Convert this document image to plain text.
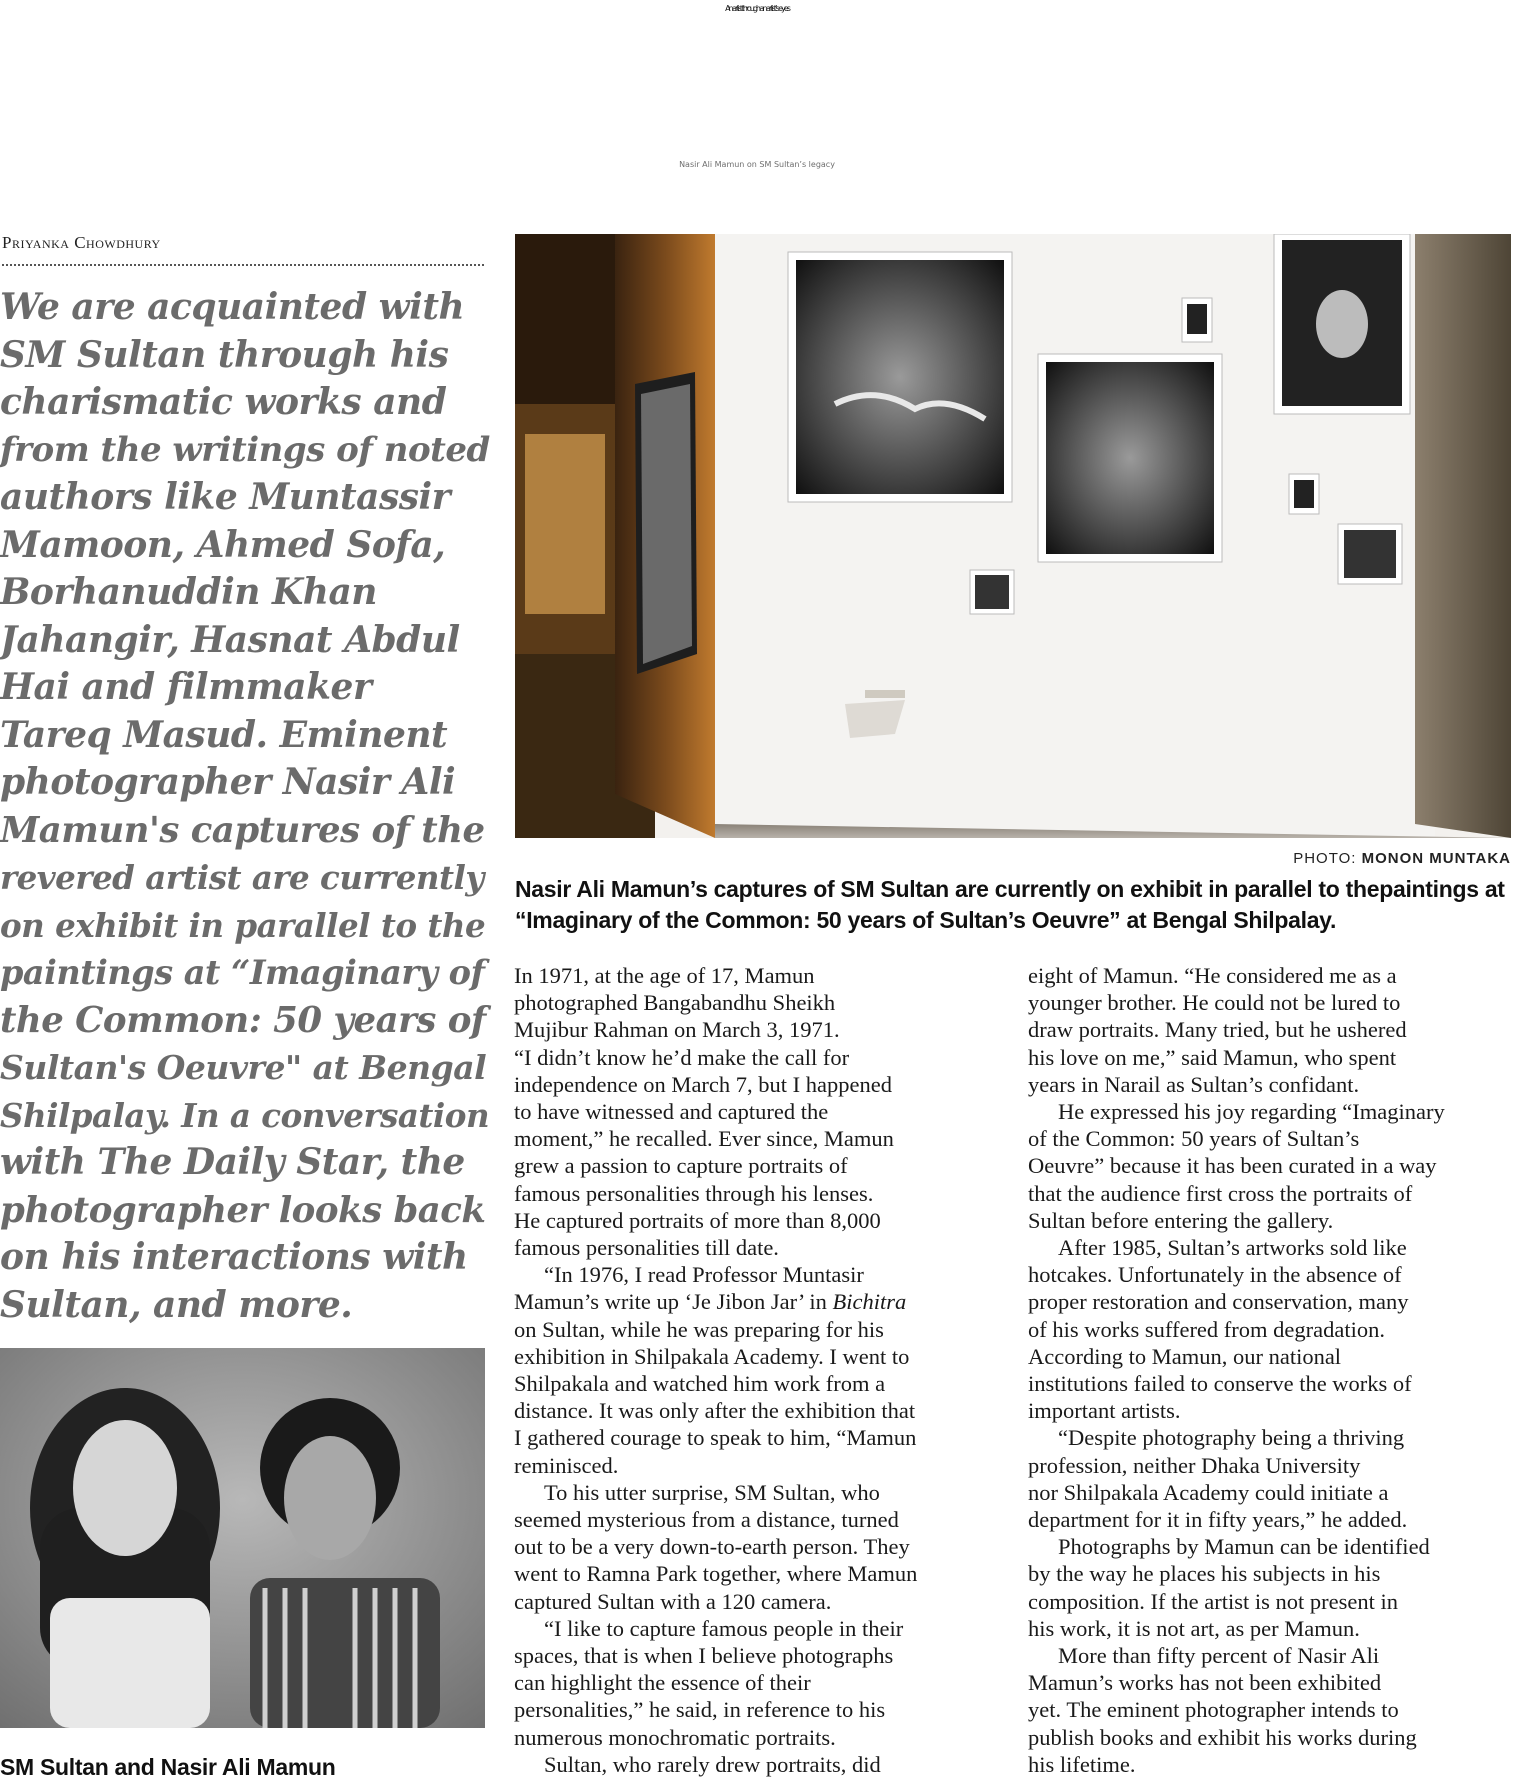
An artist through an artist’s eyes
Nasir Ali Mamun on SM Sultan’s legacy
Priyanka Chowdhury
We are acquainted with
SM Sultan through his
charismatic works and
from the writings of noted
authors like Muntassir
Mamoon, Ahmed Sofa,
Borhanuddin Khan
Jahangir, Hasnat Abdul
Hai and filmmaker
Tareq Masud. Eminent
photographer Nasir Ali
Mamun's captures of the
revered artist are currently
on exhibit in parallel to the
paintings at “Imaginary of
the Common: 50 years of
Sultan's Oeuvre" at Bengal
Shilpalay. In a conversation
with The Daily Star, the
photographer looks back
on his interactions with
Sultan, and more.
PHOTO: MONON MUNTAKA
Nasir Ali Mamun’s captures of SM Sultan are currently on exhibit in parallel to thepaintings at “Imaginary of the Common: 50 years of Sultan’s Oeuvre” at Bengal Shilpalay.
SM Sultan and Nasir Ali Mamun
In 1971, at the age of 17, Mamun
photographed Bangabandhu Sheikh
Mujibur Rahman on March 3, 1971.
“I didn’t know he’d make the call for
independence on March 7, but I happened
to have witnessed and captured the
moment,” he recalled. Ever since, Mamun
grew a passion to capture portraits of
famous personalities through his lenses.
He captured portraits of more than 8,000
famous personalities till date.
“In 1976, I read Professor Muntasir
Mamun’s write up ‘Je Jibon Jar’ in Bichitra
on Sultan, while he was preparing for his
exhibition in Shilpakala Academy. I went to
Shilpakala and watched him work from a
distance. It was only after the exhibition that
I gathered courage to speak to him, “Mamun
reminisced.
To his utter surprise, SM Sultan, who
seemed mysterious from a distance, turned
out to be a very down-to-earth person. They
went to Ramna Park together, where Mamun
captured Sultan with a 120 camera.
“I like to capture famous people in their
spaces, that is when I believe photographs
can highlight the essence of their
personalities,” he said, in reference to his
numerous monochromatic portraits.
Sultan, who rarely drew portraits, did
eight of Mamun. “He considered me as a
younger brother. He could not be lured to
draw portraits. Many tried, but he ushered
his love on me,” said Mamun, who spent
years in Narail as Sultan’s confidant.
He expressed his joy regarding “Imaginary
of the Common: 50 years of Sultan’s
Oeuvre” because it has been curated in a way
that the audience first cross the portraits of
Sultan before entering the gallery.
After 1985, Sultan’s artworks sold like
hotcakes. Unfortunately in the absence of
proper restoration and conservation, many
of his works suffered from degradation.
According to Mamun, our national
institutions failed to conserve the works of
important artists.
“Despite photography being a thriving
profession, neither Dhaka University
nor Shilpakala Academy could initiate a
department for it in fifty years,” he added.
Photographs by Mamun can be identified
by the way he places his subjects in his
composition. If the artist is not present in
his work, it is not art, as per Mamun.
More than fifty percent of Nasir Ali
Mamun’s works has not been exhibited
yet. The eminent photographer intends to
publish books and exhibit his works during
his lifetime.
